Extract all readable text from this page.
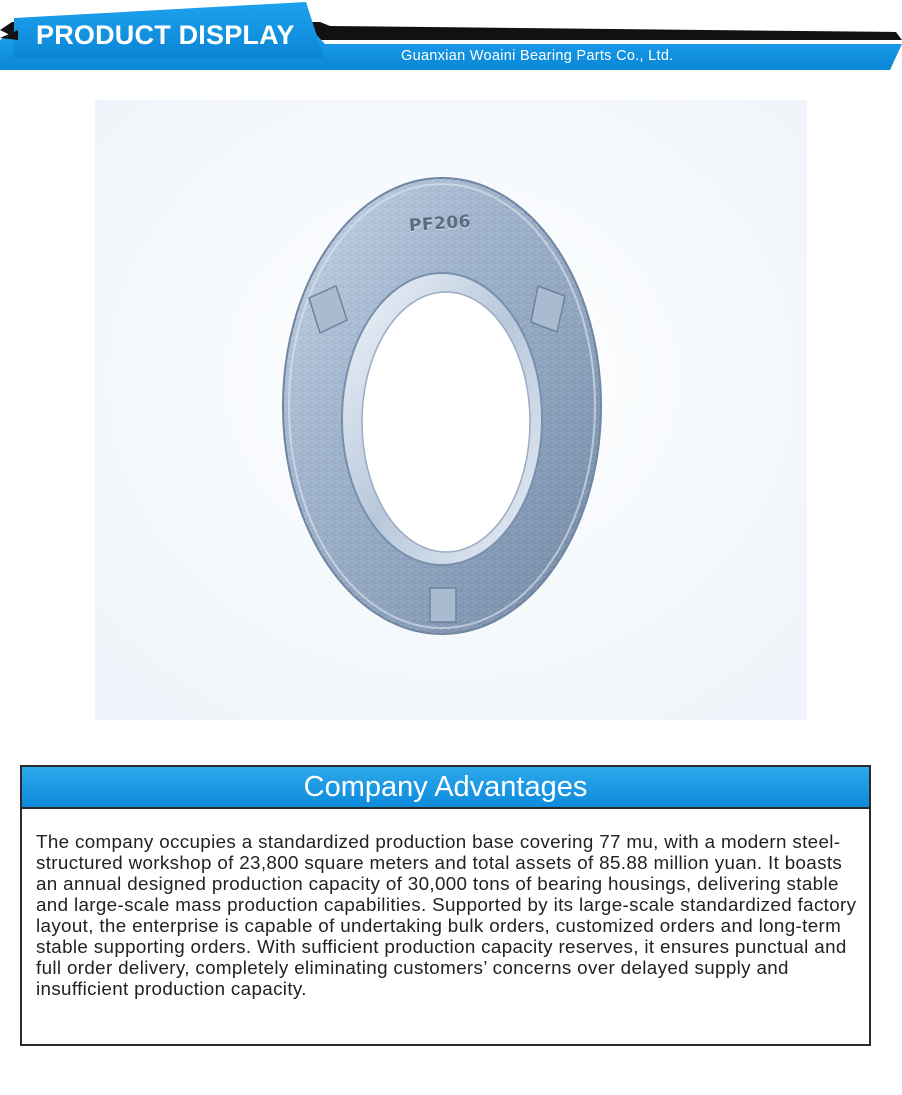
PRODUCT DISPLAY
Guanxian Woaini Bearing Parts Co., Ltd.
PF206
Company Advantages

The company occupies a standardized production base covering 77 mu, with a modern steel-structured workshop of 23,800 square meters and total assets of 85.88 million yuan. It boasts an annual designed production capacity of 30,000 tons of bearing housings, delivering stable and large-scale mass production capabilities. Supported by its large-scale standardized factory layout, the enterprise is capable of undertaking bulk orders, customized orders and long-term stable supporting orders. With sufficient production capacity reserves, it ensures punctual and full order delivery, completely eliminating customers’ concerns over delayed supply and insufficient production capacity.
